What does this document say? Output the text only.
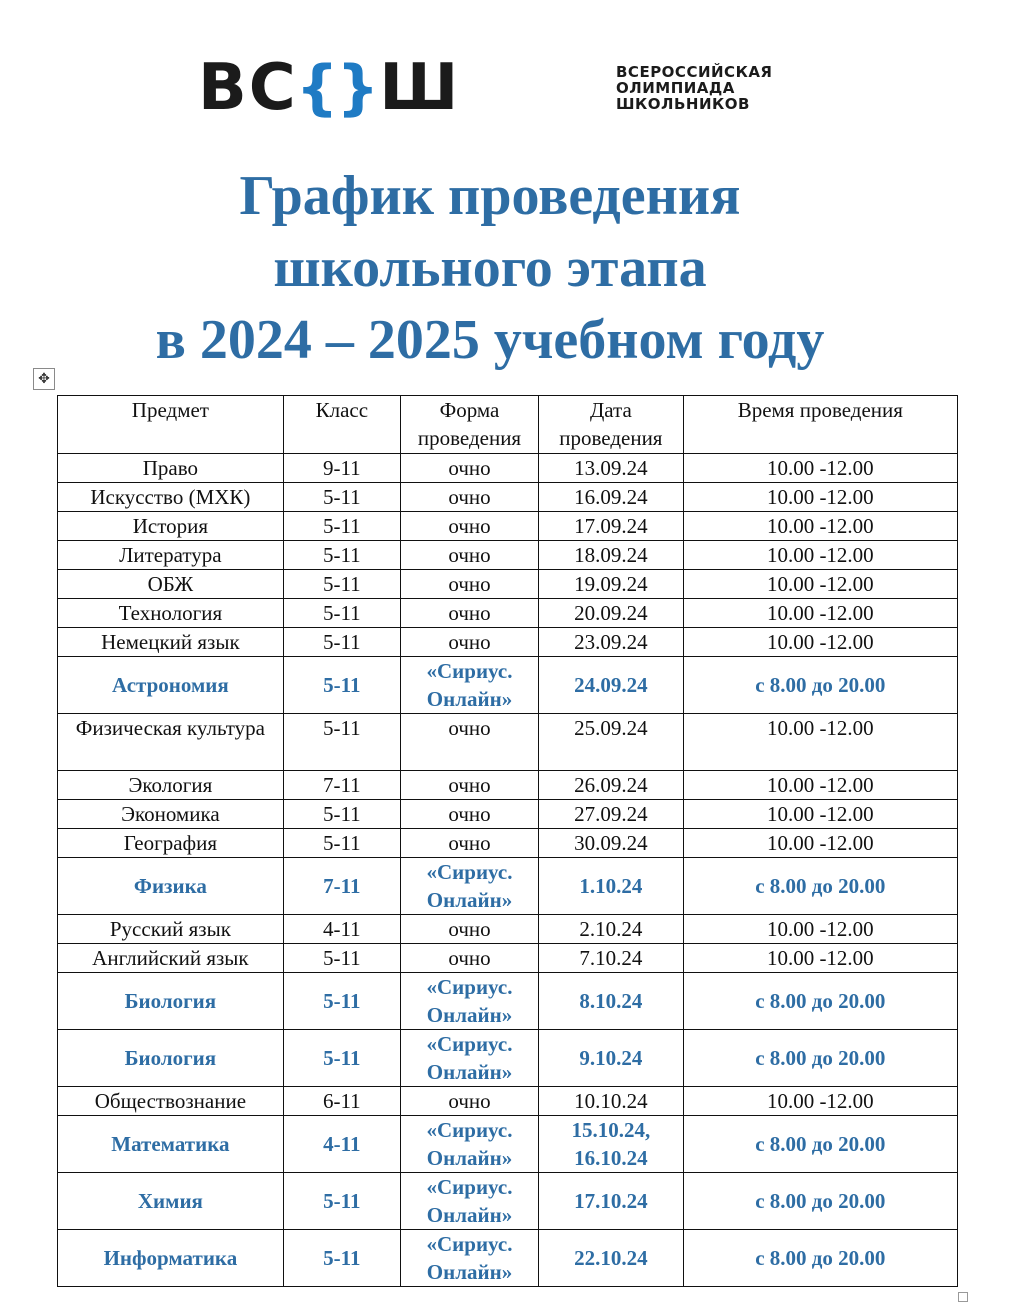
ВС
{
}
Ш	ВСЕРОССИЙСКАЯ
ОЛИМПИАДА
ШКОЛЬНИКОВ
График проведения
школьного этапа
в 2024 – 2025 учебном году
✥
Предмет	Класс	Форма проведения	Дата проведения	Время проведения
Право	9-11	очно	13.09.24	10.00 -12.00
Искусство (МХК)	5-11	очно	16.09.24	10.00 -12.00
История	5-11	очно	17.09.24	10.00 -12.00
Литература	5-11	очно	18.09.24	10.00 -12.00
ОБЖ	5-11	очно	19.09.24	10.00 -12.00
Технология	5-11	очно	20.09.24	10.00 -12.00
Немецкий язык	5-11	очно	23.09.24	10.00 -12.00
Астрономия	5-11	«Сириус. Онлайн»	24.09.24	с 8.00 до 20.00
Физическая культура	5-11	очно	25.09.24	10.00 -12.00
Экология	7-11	очно	26.09.24	10.00 -12.00
Экономика	5-11	очно	27.09.24	10.00 -12.00
География	5-11	очно	30.09.24	10.00 -12.00
Физика	7-11	«Сириус. Онлайн»	1.10.24	с 8.00 до 20.00
Русский язык	4-11	очно	2.10.24	10.00 -12.00
Английский язык	5-11	очно	7.10.24	10.00 -12.00
Биология	5-11	«Сириус. Онлайн»	8.10.24	с 8.00 до 20.00
Биология	5-11	«Сириус. Онлайн»	9.10.24	с 8.00 до 20.00
Обществознание	6-11	очно	10.10.24	10.00 -12.00
Математика	4-11	«Сириус. Онлайн»	15.10.24, 16.10.24	с 8.00 до 20.00
Химия	5-11	«Сириус. Онлайн»	17.10.24	с 8.00 до 20.00
Информатика	5-11	«Сириус. Онлайн»	22.10.24	с 8.00 до 20.00
